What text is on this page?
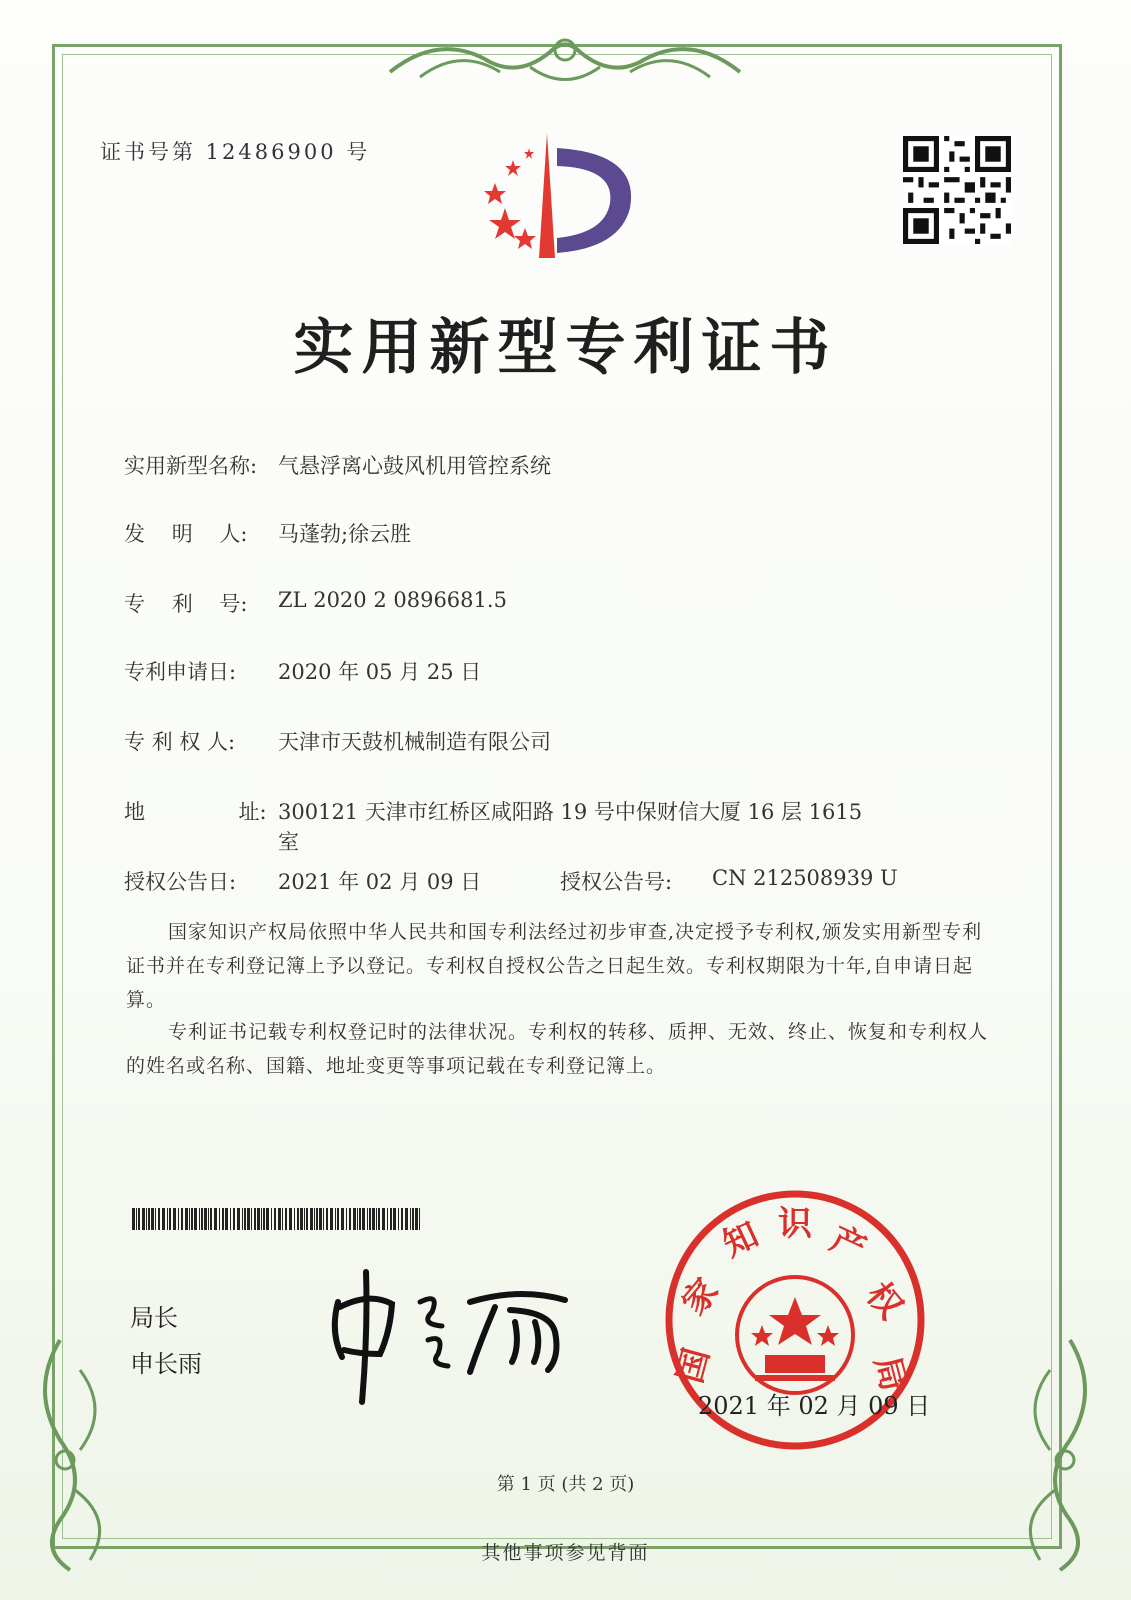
证书号第 12486900 号
实用新型专利证书
实用新型名称: 气悬浮离心鼓风机用管控系统
发    明    人: 马蓬勃;徐云胜
专    利    号: ZL 2020 2 0896681.5
专利申请日: 2020 年 05 月 25 日
专 利 权 人: 天津市天鼓机械制造有限公司
地              址: 300121 天津市红桥区咸阳路 19 号中保财信大厦 16 层 1615
室
授权公告日: 2021 年 02 月 09 日	授权公告号: CN 212508939 U
国家知识产权局依照中华人民共和国专利法经过初步审查,决定授予专利权,颁发实用新型专利证书并在专利登记簿上予以登记。专利权自授权公告之日起生效。专利权期限为十年,自申请日起算。
专利证书记载专利权登记时的法律状况。专利权的转移、质押、无效、终止、恢复和专利权人的姓名或名称、国籍、地址变更等事项记载在专利登记簿上。
局长
申长雨	国
家
知 识 产
权
局
2021 年 02 月 09 日
第 1 页 (共 2 页)
其他事项参见背面
